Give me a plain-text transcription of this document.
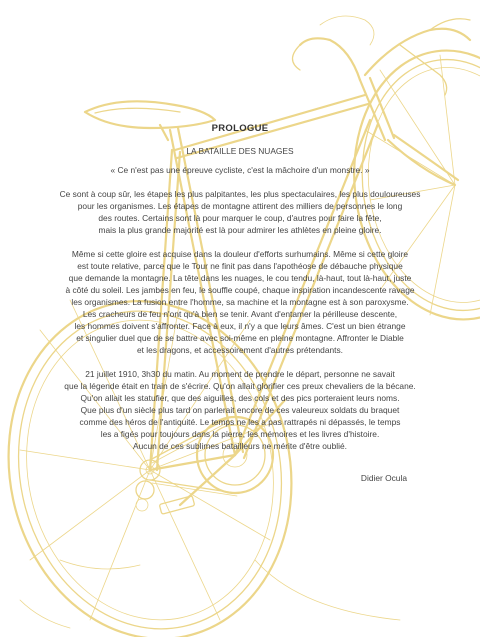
PROLOGUE
LA BATAILLE DES NUAGES
« Ce n'est pas une épreuve cycliste, c'est la mâchoire d'un monstre. »
Ce sont à coup sûr, les étapes les plus palpitantes, les plus spectaculaires, les plus douloureuses
pour les organismes. Les étapes de montagne attirent des milliers de personnes le long
des routes. Certains sont là pour marquer le coup, d'autres pour faire la fête,
mais la plus grande majorité est là pour admirer les athlètes en pleine gloire.
Même si cette gloire est acquise dans la douleur d'efforts surhumains. Même si cette gloire
est toute relative, parce que le Tour ne finit pas dans l'apothéose de débauche physique
que demande la montagne. La tête dans les nuages, le cou tendu, là-haut, tout là-haut, juste
à côté du soleil. Les jambes en feu, le souffle coupé, chaque inspiration incandescente ravage
les organismes. La fusion entre l'homme, sa machine et la montagne est à son paroxysme.
Les cracheurs de feu n'ont qu'à bien se tenir. Avant d'entamer la périlleuse descente,
les hommes doivent s'affronter. Face à eux, il n'y a que leurs âmes. C'est un bien étrange
et singulier duel que de se battre avec soi-même en pleine montagne. Affronter le Diable
et les dragons, et accessoirement d'autres prétendants.
21 juillet 1910, 3h30 du matin. Au moment de prendre le départ, personne ne savait
que la légende était en train de s'écrire. Qu'on allait glorifier ces preux chevaliers de la bécane.
Qu'on allait les statufier, que des aiguilles, des cols et des pics porteraient leurs noms.
Que plus d'un siècle plus tard on parlerait encore de ces valeureux soldats du braquet
comme des héros de l'antiquité. Le temps ne les a pas rattrapés ni dépassés, le temps
les a figés pour toujours dans la pierre, les mémoires et les livres d'histoire.
Aucun de ces sublimes batailleurs ne mérite d'être oublié.
Didier Ocula
